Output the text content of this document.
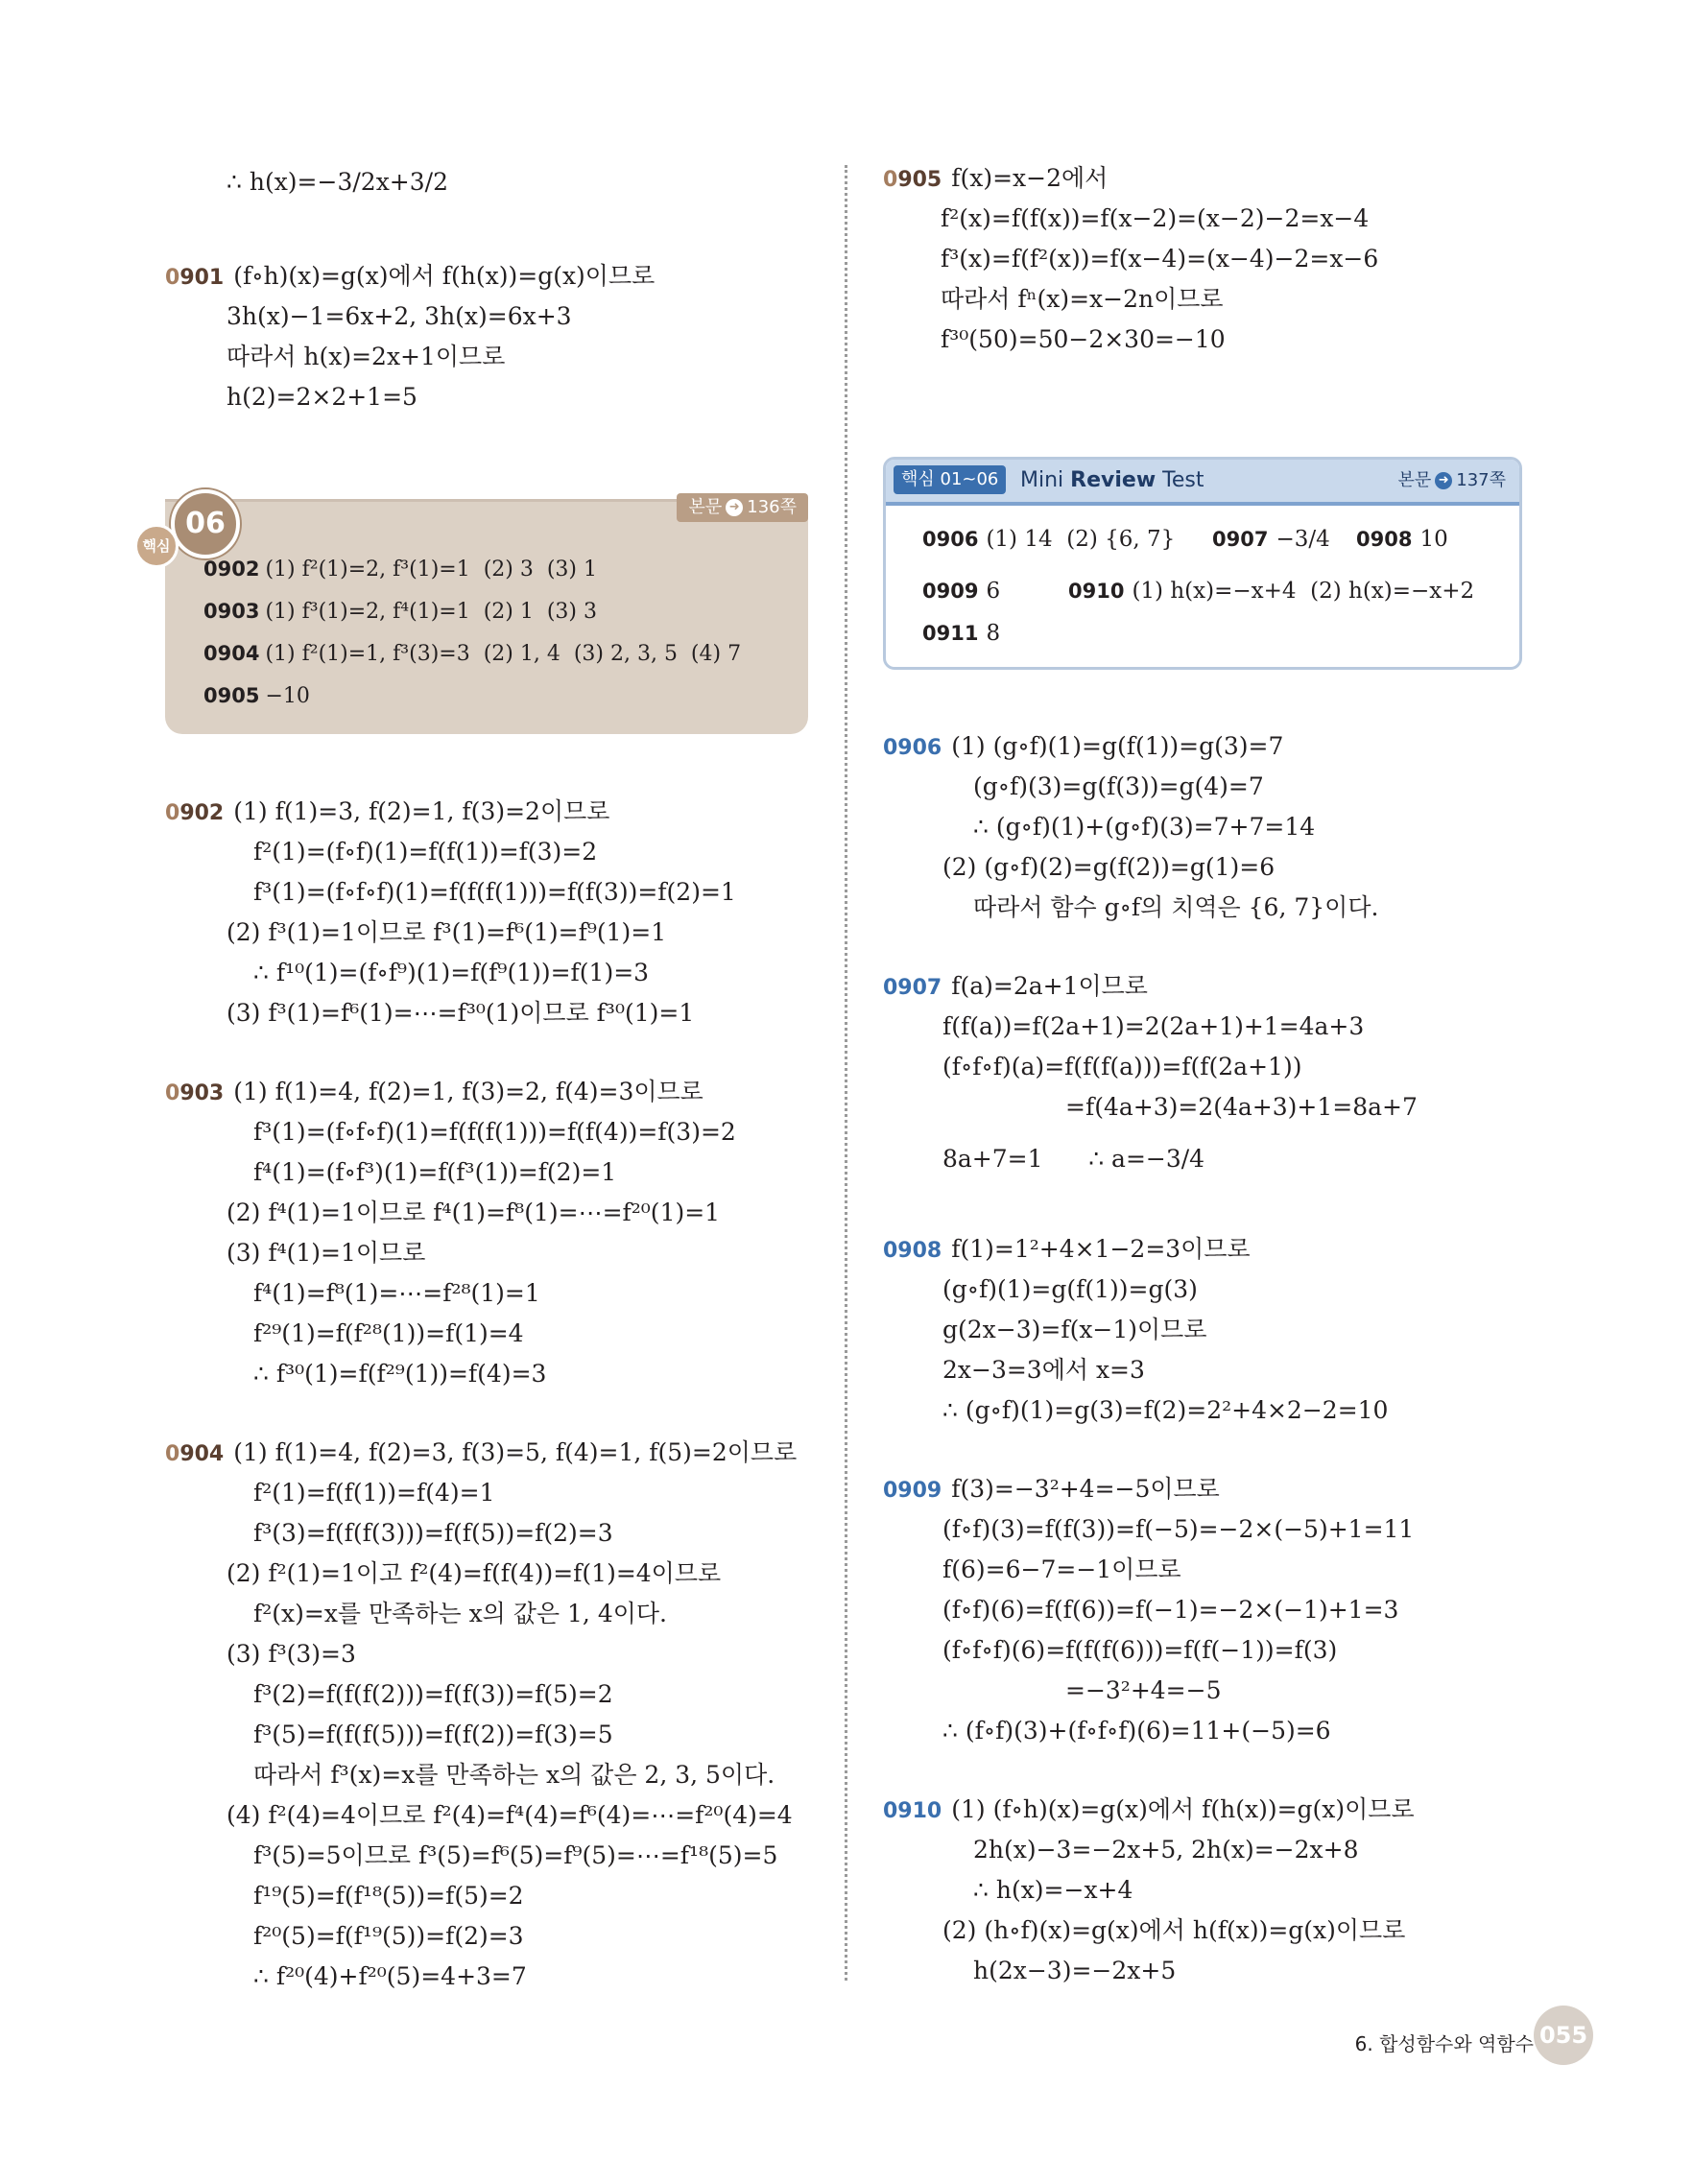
∴ h(x)=−3/2x+3/2
0901 (f∘h)(x)=g(x)에서 f(h(x))=g(x)이므로
3h(x)−1=6x+2, 3h(x)=6x+3
따라서 h(x)=2x+1이므로
h(2)=2×2+1=5
본문 ➜ 136쪽
0902 (1) f²(1)=2, f³(1)=1  (2) 3  (3) 1
0903 (1) f³(1)=2, f⁴(1)=1  (2) 1  (3) 3
0904 (1) f²(1)=1, f³(3)=3  (2) 1, 4  (3) 2, 3, 5  (4) 7
0905 −10
06
핵심
0902 (1) f(1)=3, f(2)=1, f(3)=2이므로
f²(1)=(f∘f)(1)=f(f(1))=f(3)=2
f³(1)=(f∘f∘f)(1)=f(f(f(1)))=f(f(3))=f(2)=1
(2) f³(1)=1이므로 f³(1)=f⁶(1)=f⁹(1)=1
∴ f¹⁰(1)=(f∘f⁹)(1)=f(f⁹(1))=f(1)=3
(3) f³(1)=f⁶(1)=⋯=f³⁰(1)이므로 f³⁰(1)=1
0903 (1) f(1)=4, f(2)=1, f(3)=2, f(4)=3이므로
f³(1)=(f∘f∘f)(1)=f(f(f(1)))=f(f(4))=f(3)=2
f⁴(1)=(f∘f³)(1)=f(f³(1))=f(2)=1
(2) f⁴(1)=1이므로 f⁴(1)=f⁸(1)=⋯=f²⁰(1)=1
(3) f⁴(1)=1이므로
f⁴(1)=f⁸(1)=⋯=f²⁸(1)=1
f²⁹(1)=f(f²⁸(1))=f(1)=4
∴ f³⁰(1)=f(f²⁹(1))=f(4)=3
0904 (1) f(1)=4, f(2)=3, f(3)=5, f(4)=1, f(5)=2이므로
f²(1)=f(f(1))=f(4)=1
f³(3)=f(f(f(3)))=f(f(5))=f(2)=3
(2) f²(1)=1이고 f²(4)=f(f(4))=f(1)=4이므로
f²(x)=x를 만족하는 x의 값은 1, 4이다.
(3) f³(3)=3
f³(2)=f(f(f(2)))=f(f(3))=f(5)=2
f³(5)=f(f(f(5)))=f(f(2))=f(3)=5
따라서 f³(x)=x를 만족하는 x의 값은 2, 3, 5이다.
(4) f²(4)=4이므로 f²(4)=f⁴(4)=f⁶(4)=⋯=f²⁰(4)=4
f³(5)=5이므로 f³(5)=f⁶(5)=f⁹(5)=⋯=f¹⁸(5)=5
f¹⁹(5)=f(f¹⁸(5))=f(5)=2
f²⁰(5)=f(f¹⁹(5))=f(2)=3
∴ f²⁰(4)+f²⁰(5)=4+3=7
0905 f(x)=x−2에서
f²(x)=f(f(x))=f(x−2)=(x−2)−2=x−4
f³(x)=f(f²(x))=f(x−4)=(x−4)−2=x−6
따라서 fⁿ(x)=x−2n이므로
f³⁰(50)=50−2×30=−10
핵심 01~06	Mini Review Test	본문 ➜ 137쪽
0906 (1) 14  (2) {6, 7} 0907 −3/4 0908 10
0909 6	0910 (1) h(x)=−x+4  (2) h(x)=−x+2
0911 8
0906 (1) (g∘f)(1)=g(f(1))=g(3)=7
(g∘f)(3)=g(f(3))=g(4)=7
∴ (g∘f)(1)+(g∘f)(3)=7+7=14
(2) (g∘f)(2)=g(f(2))=g(1)=6
따라서 함수 g∘f의 치역은 {6, 7}이다.
0907 f(a)=2a+1이므로
f(f(a))=f(2a+1)=2(2a+1)+1=4a+3
(f∘f∘f)(a)=f(f(f(a)))=f(f(2a+1))
=f(4a+3)=2(4a+3)+1=8a+7
8a+7=1      ∴ a=−3/4
0908 f(1)=1²+4×1−2=3이므로
(g∘f)(1)=g(f(1))=g(3)
g(2x−3)=f(x−1)이므로
2x−3=3에서 x=3
∴ (g∘f)(1)=g(3)=f(2)=2²+4×2−2=10
0909 f(3)=−3²+4=−5이므로
(f∘f)(3)=f(f(3))=f(−5)=−2×(−5)+1=11
f(6)=6−7=−1이므로
(f∘f)(6)=f(f(6))=f(−1)=−2×(−1)+1=3
(f∘f∘f)(6)=f(f(f(6)))=f(f(−1))=f(3)
=−3²+4=−5
∴ (f∘f)(3)+(f∘f∘f)(6)=11+(−5)=6
0910 (1) (f∘h)(x)=g(x)에서 f(h(x))=g(x)이므로
2h(x)−3=−2x+5, 2h(x)=−2x+8
∴ h(x)=−x+4
(2) (h∘f)(x)=g(x)에서 h(f(x))=g(x)이므로
h(2x−3)=−2x+5
6. 합성함수와 역함수 055
